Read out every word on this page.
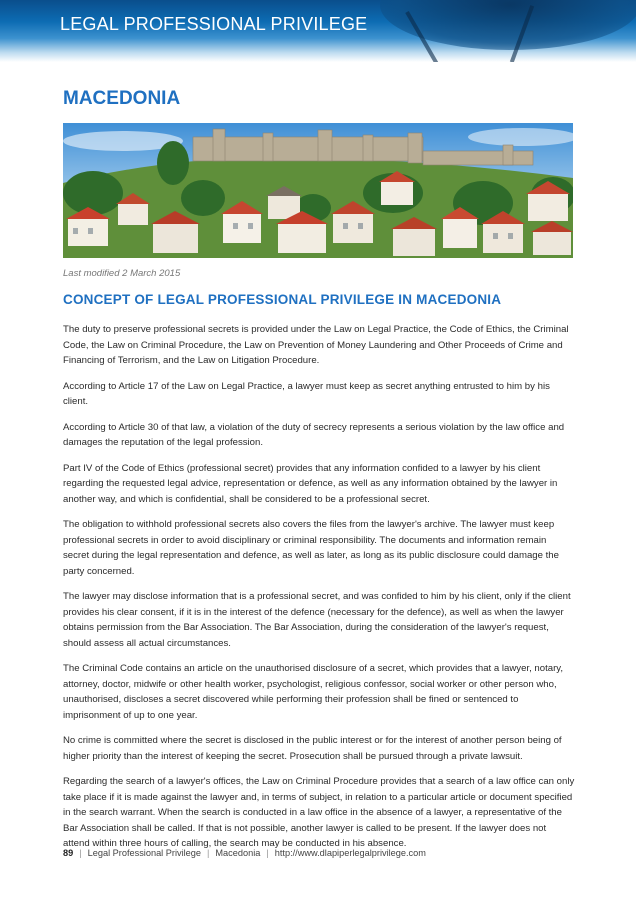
LEGAL PROFESSIONAL PRIVILEGE
MACEDONIA

Last modified 2 March 2015

CONCEPT OF LEGAL PROFESSIONAL PRIVILEGE IN MACEDONIA

The duty to preserve professional secrets is provided under the Law on Legal Practice, the Code of Ethics, the Criminal Code, the Law on Criminal Procedure, the Law on Prevention of Money Laundering and Other Proceeds of Crime and Financing of Terrorism, and the Law on Litigation Procedure.

According to Article 17 of the Law on Legal Practice, a lawyer must keep as secret anything entrusted to him by his client.

According to Article 30 of that law, a violation of the duty of secrecy represents a serious violation by the law office and damages the reputation of the legal profession.

Part IV of the Code of Ethics (professional secret) provides that any information confided to a lawyer by his client regarding the requested legal advice, representation or defence, as well as any information obtained by the lawyer in another way, and which is confidential, shall be considered to be a professional secret.

The obligation to withhold professional secrets also covers the files from the lawyer's archive. The lawyer must keep professional secrets in order to avoid disciplinary or criminal responsibility. The documents and information remain secret during the legal representation and defence, as well as later, as long as its public disclosure could damage the party concerned.

The lawyer may disclose information that is a professional secret, and was confided to him by his client, only if the client provides his clear consent, if it is in the interest of the defence (necessary for the defence), as well as when the lawyer obtains permission from the Bar Association. The Bar Association, during the consideration of the lawyer's request, should assess all actual circumstances.

The Criminal Code contains an article on the unauthorised disclosure of a secret, which provides that a lawyer, notary, attorney, doctor, midwife or other health worker, psychologist, religious confessor, social worker or other person who, unauthorised, discloses a secret discovered while performing their profession shall be fined or sentenced to imprisonment of up to one year.

No crime is committed where the secret is disclosed in the public interest or for the interest of another person being of higher priority than the interest of keeping the secret. Prosecution shall be pursued through a private lawsuit.

Regarding the search of a lawyer's offices, the Law on Criminal Procedure provides that a search of a law office can only take place if it is made against the lawyer and, in terms of subject, in relation to a particular article or document specified in the search warrant. When the search is conducted in a law office in the absence of a lawyer, a representative of the Bar Association shall be called. If that is not possible, another lawyer is called to be present. If the lawyer does not attend within three hours of calling, the search may be conducted in his absence.

89 | Legal Professional Privilege | Macedonia | http://www.dlapiperlegalprivilege.com
